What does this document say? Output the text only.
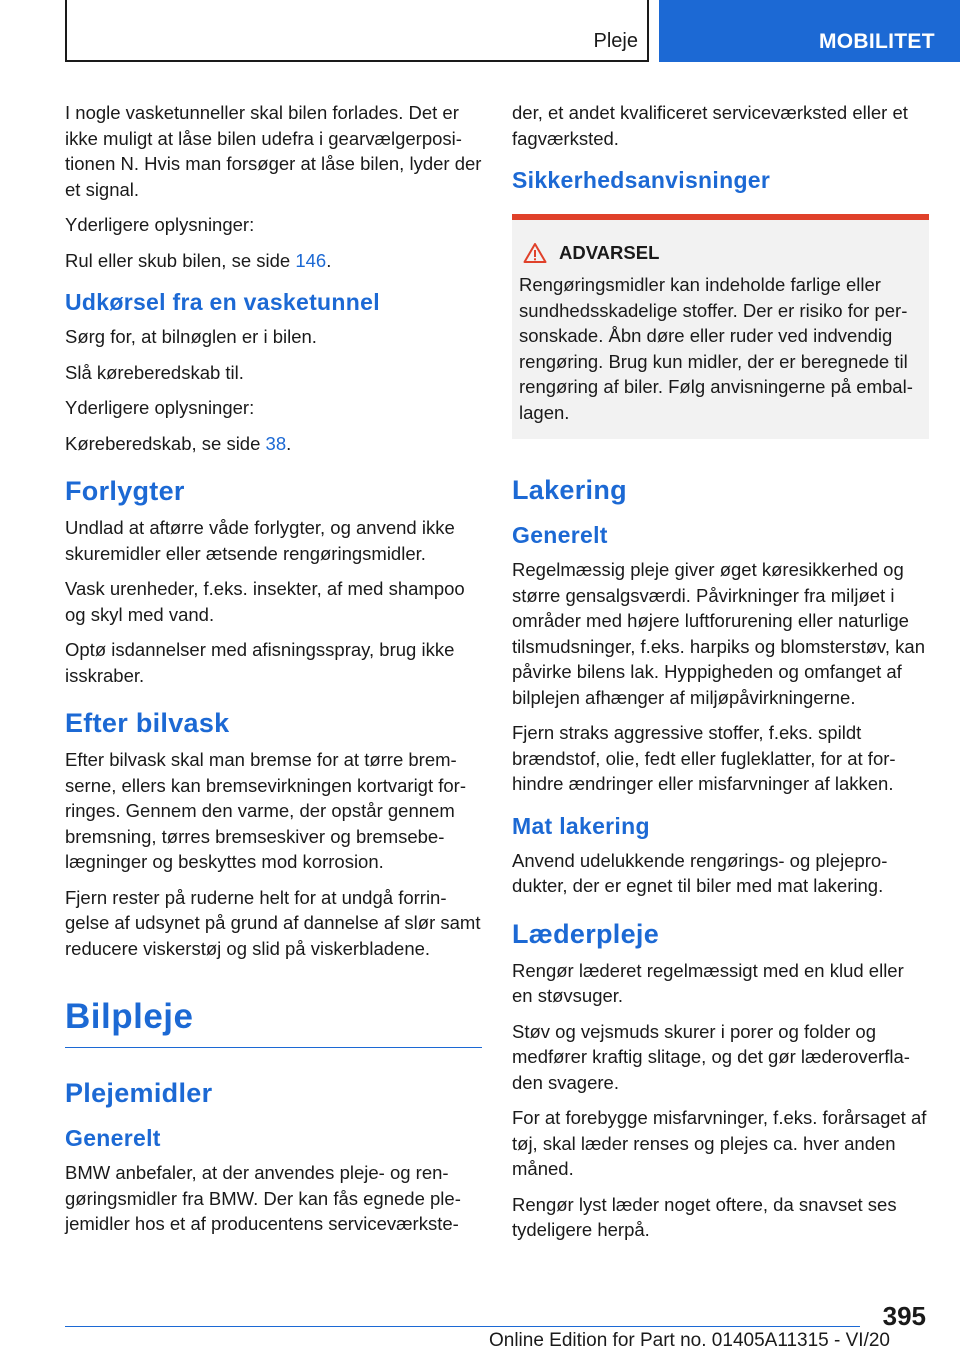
Pleje	MOBILITET

I nogle vasketunneller skal bilen forlades. Det er ikke muligt at låse bilen udefra i gearvælgerpositionen N. Hvis man forsøger at låse bilen, lyder der et signal.

Yderligere oplysninger:

Rul eller skub bilen, se side 146.

Udkørsel fra en vasketunnel

Sørg for, at bilnøglen er i bilen.

Slå køreberedskab til.

Yderligere oplysninger:

Køreberedskab, se side 38.

Forlygter

Undlad at aftørre våde forlygter, og anvend ikke skuremidler eller ætsende rengøringsmidler.

Vask urenheder, f.eks. insekter, af med shampoo og skyl med vand.

Optø isdannelser med afisningsspray, brug ikke isskraber.

Efter bilvask

Efter bilvask skal man bremse for at tørre bremserne, ellers kan bremsevirkningen kortvarigt forringes. Gennem den varme, der opstår gennem bremsning, tørres bremseskiver og bremsebelægninger og beskyttes mod korrosion.

Fjern rester på ruderne helt for at undgå forringelse af udsynet på grund af dannelse af slør samt reducere viskerstøj og slid på viskerbladene.

Bilpleje
Plejemidler
Generelt

BMW anbefaler, at der anvendes pleje- og rengøringsmidler fra BMW. Der kan fås egnede plejemidler hos et af producentens serviceværkste-

der, et andet kvalificeret serviceværksted eller et fagværksted.

Sikkerhedsanvisninger
ADVARSEL

Rengøringsmidler kan indeholde farlige eller sundhedsskadelige stoffer. Der er risiko for personskade. Åbn døre eller ruder ved indvendig rengøring. Brug kun midler, der er beregnede til rengøring af biler. Følg anvisningerne på emballagen.

Lakering
Generelt

Regelmæssig pleje giver øget køresikkerhed og større gensalgsværdi. Påvirkninger fra miljøet i områder med højere luftforurening eller naturlige tilsmudsninger, f.eks. harpiks og blomsterstøv, kan påvirke bilens lak. Hyppigheden og omfanget af bilplejen afhænger af miljøpåvirkningerne.

Fjern straks aggressive stoffer, f.eks. spildt brændstof, olie, fedt eller fugleklatter, for at forhindre ændringer eller misfarvninger af lakken.

Mat lakering

Anvend udelukkende rengørings- og plejeprodukter, der er egnet til biler med mat lakering.

Læderpleje

Rengør læderet regelmæssigt med en klud eller en støvsuger.

Støv og vejsmuds skurer i porer og folder og medfører kraftig slitage, og det gør læderoverfladen svagere.

For at forebygge misfarvninger, f.eks. forårsaget af tøj, skal læder renses og plejes ca. hver anden måned.

Rengør lyst læder noget oftere, da snavset ses tydeligere herpå.

395
Online Edition for Part no. 01405A11315 - VI/20
